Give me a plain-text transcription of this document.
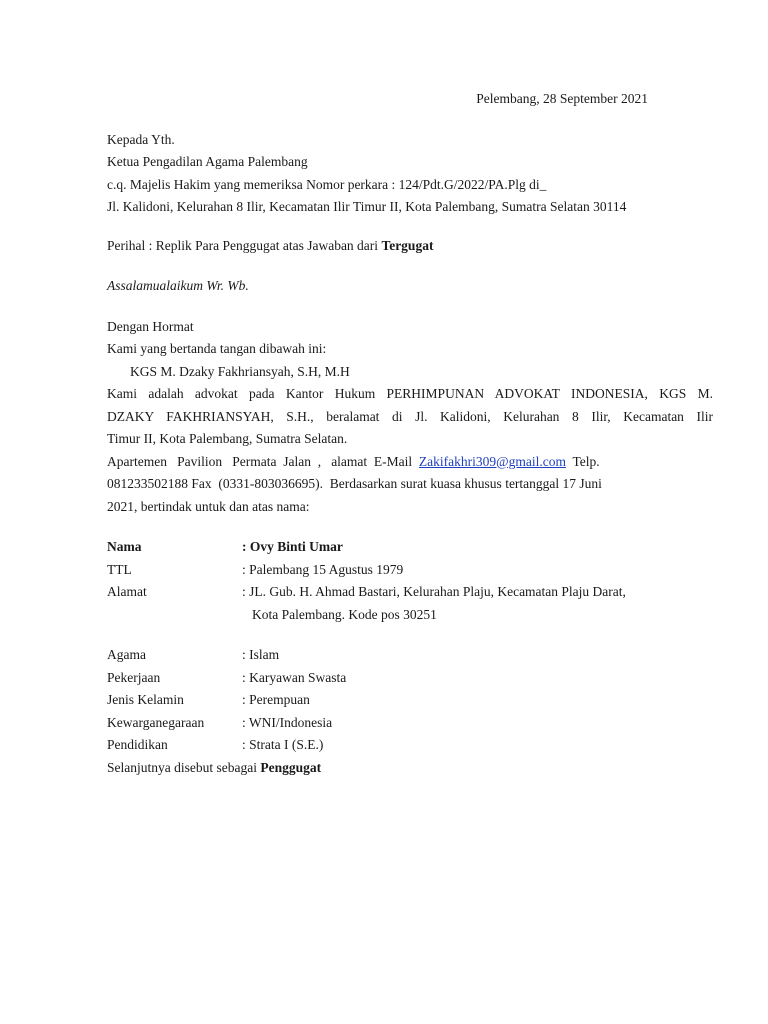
Pelembang, 28 September 2021
Kepada Yth.
Ketua Pengadilan Agama Palembang
c.q. Majelis Hakim yang memeriksa Nomor perkara : 124/Pdt.G/2022/PA.Plg di_
Jl. Kalidoni, Kelurahan 8 Ilir, Kecamatan Ilir Timur II, Kota Palembang, Sumatra Selatan 30114
Perihal : Replik Para Penggugat atas Jawaban dari Tergugat
Assalamualaikum Wr. Wb.
Dengan Hormat
Kami yang bertanda tangan dibawah ini:
KGS M. Dzaky Fakhriansyah, S.H, M.H
Kami adalah advokat pada Kantor Hukum PERHIMPUNAN ADVOKAT INDONESIA, KGS M.
DZAKY FAKHRIANSYAH, S.H., beralamat di Jl. Kalidoni, Kelurahan 8 Ilir, Kecamatan Ilir
Timur II, Kota Palembang, Sumatra Selatan.
Apartemen   Pavilion   Permata  Jalan  ,   alamat  E-Mail  Zakifakhri309@gmail.com  Telp.
081233502188 Fax  (0331-803036695).  Berdasarkan surat kuasa khusus tertanggal 17 Juni
2021, bertindak untuk dan atas nama:
Nama	: Ovy Binti Umar
TTL	: Palembang 15 Agustus 1979
Alamat	: JL. Gub. H. Ahmad Bastari, Kelurahan Plaju, Kecamatan Plaju Darat,
Kota Palembang. Kode pos 30251
Agama	: Islam
Pekerjaan	: Karyawan Swasta
Jenis Kelamin	: Perempuan
Kewarganegaraan	: WNI/Indonesia
Pendidikan	: Strata I (S.E.)
Selanjutnya disebut sebagai Penggugat
